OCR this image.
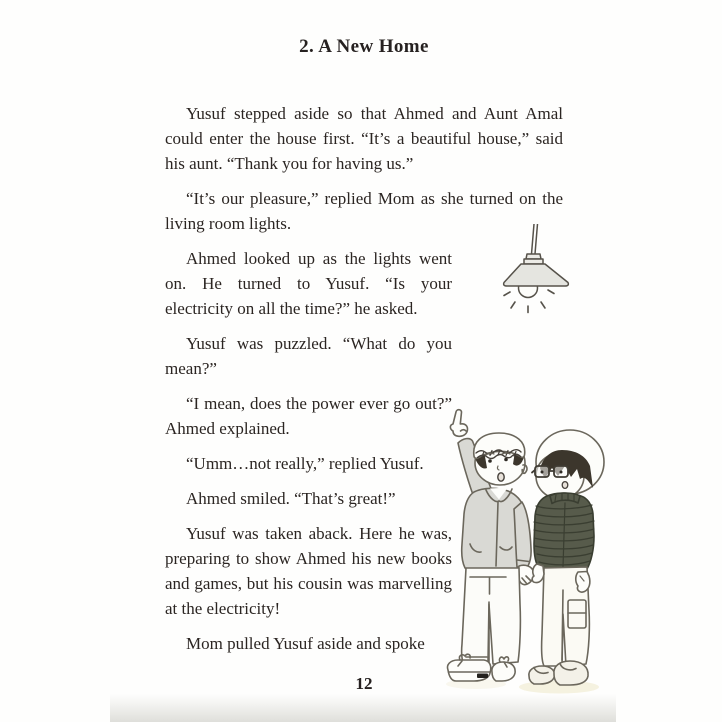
2. A New Home

Yusuf stepped aside so that Ahmed and Aunt Amal could enter the house first. “It’s a beautiful house,” said his aunt. “Thank you for having us.”

“It’s our pleasure,” replied Mom as she turned on the living room lights.

Ahmed looked up as the lights went on. He turned to Yusuf. “Is your electricity on all the time?” he asked.

Yusuf was puzzled. “What do you mean?”

“I mean, does the power ever go out?” Ahmed explained.

“Umm…not really,” replied Yusuf.

Ahmed smiled. “That’s great!”

Yusuf was taken aback. Here he was, preparing to show Ahmed his new books and games, but his cousin was marvelling at the electricity!

Mom pulled Yusuf aside and spoke

12
